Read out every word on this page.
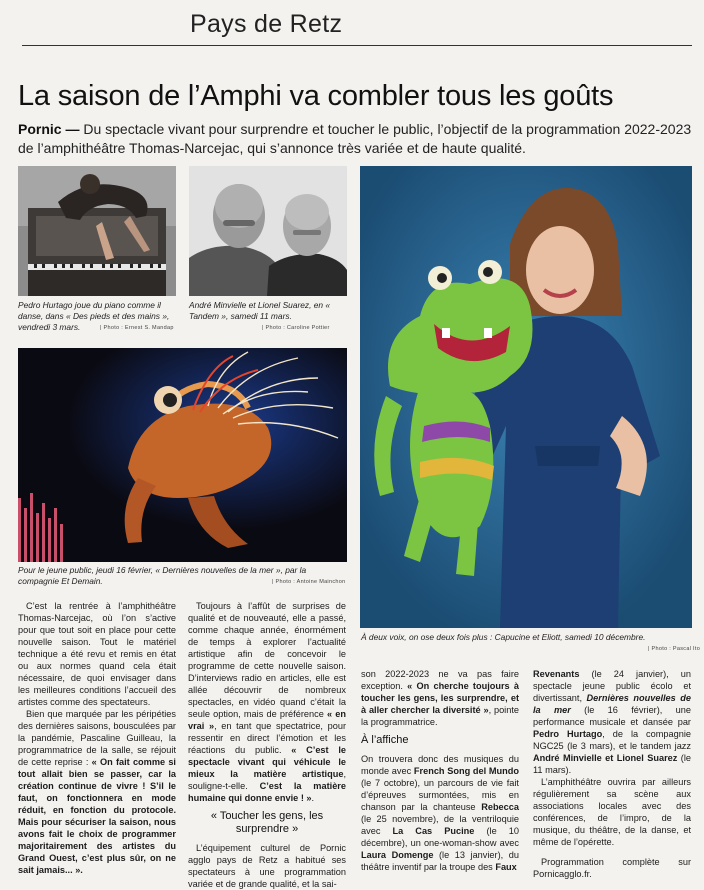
Pays de Retz
La saison de l’Amphi va combler tous les goûts
Pornic — Du spectacle vivant pour surprendre et toucher le public, l’objectif de la programmation 2022-2023 de l’amphithéâtre Thomas-Narcejac, qui s’annonce très variée et de haute qualité.
Pedro Hurtago joue du piano comme il danse, dans « Des pieds et des mains », vendredi 3 mars.	| Photo : Ernest S. Mandap
André Minvielle et Lionel Suarez, en « Tandem », samedi 11 mars.
| Photo : Caroline Pottier
Pour le jeune public, jeudi 16 février, « Dernières nouvelles de la mer », par la compagnie Et Demain.	| Photo : Antoine Mainchon
À deux voix, on ose deux fois plus : Capucine et Eliott, samedi 10 décembre.
| Photo : Pascal Ito

C’est la rentrée à l’amphithéâtre Thomas-Narcejac, où l’on s’active pour que tout soit en place pour cette nouvelle saison. Tout le matériel technique a été revu et remis en état ou aux normes quand cela était nécessaire, de quoi envisager dans les meilleures conditions l’accueil des artistes comme des spectateurs.

Bien que marquée par les péripéties des dernières saisons, bousculées par la pandémie, Pascaline Guilleau, la programmatrice de la salle, se réjouit de cette reprise : « On fait comme si tout allait bien se passer, car la création continue de vivre ! S’il le faut, on fonctionnera en mode réduit, en fonction du protocole. Mais pour sécuriser la saison, nous avons fait le choix de programmer majoritairement des artistes du Grand Ouest, c’est plus sûr, on ne sait jamais... ».

Toujours à l’affût de surprises de qualité et de nouveauté, elle a passé, comme chaque année, énormément de temps à explorer l’actualité artistique afin de concevoir le programme de cette nouvelle saison. D’interviews radio en articles, elle est allée découvrir de nombreux spectacles, en vidéo quand c’était la seule option, mais de préférence « en vrai », en tant que spectatrice, pour ressentir en direct l’émotion et les réactions du public. « C’est le spectacle vivant qui véhicule le mieux la matière artistique, souligne-t-elle. C’est la matière humaine qui donne envie ! ».

« Toucher les gens, les surprendre »

L’équipement culturel de Pornic agglo pays de Retz a habitué ses spectateurs à une programmation variée et de grande qualité, et la sai-

son 2022-2023 ne va pas faire exception. « On cherche toujours à toucher les gens, les surprendre, et à aller chercher la diversité », pointe la programmatrice.

À l’affiche

On trouvera donc des musiques du monde avec French Song del Mundo (le 7 octobre), un parcours de vie fait d’épreuves surmontées, mis en chanson par la chanteuse Rebecca (le 25 novembre), de la ventriloquie avec La Cas Pucine (le 10 décembre), un one-woman-show avec Laura Domenge (le 13 janvier), du théâtre inventif par la troupe des Faux

Revenants (le 24 janvier), un spectacle jeune public écolo et divertissant, Dernières nouvelles de la mer (le 16 février), une performance musicale et dansée par Pedro Hurtago, de la compagnie NGC25 (le 3 mars), et le tandem jazz André Minvielle et Lionel Suarez (le 11 mars).

L’amphithéâtre ouvrira par ailleurs régulièrement sa scène aux associations locales avec des conférences, de l’impro, de la musique, du théâtre, de la danse, et même de l’opérette.

Programmation complète sur Pornicagglo.fr.
